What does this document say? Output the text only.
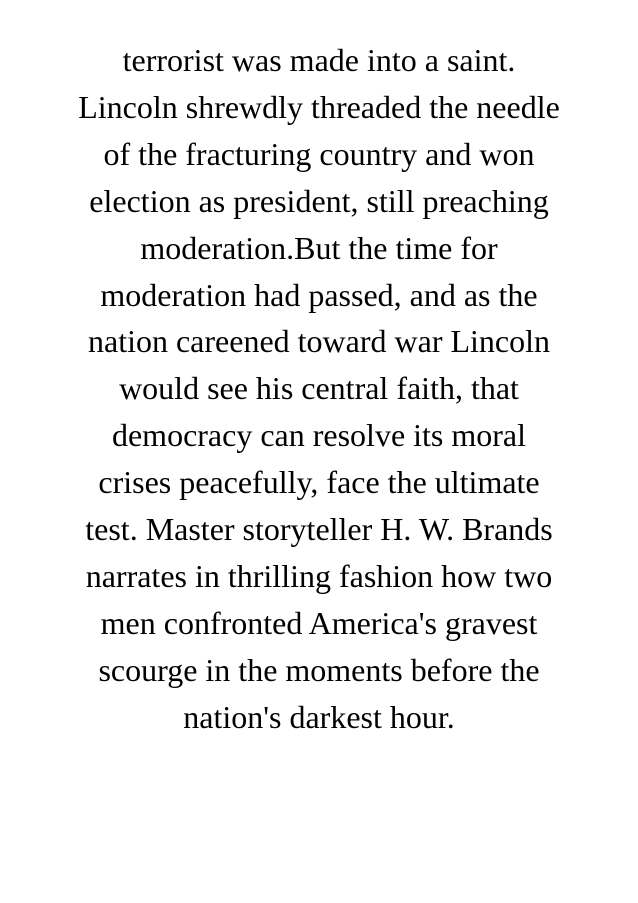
terrorist was made into a saint.
Lincoln shrewdly threaded the needle
of the fracturing country and won
election as president, still preaching
moderation.But the time for
moderation had passed, and as the
nation careened toward war Lincoln
would see his central faith, that
democracy can resolve its moral
crises peacefully, face the ultimate
test. Master storyteller H. W. Brands
narrates in thrilling fashion how two
men confronted America's gravest
scourge in the moments before the
nation's darkest hour.
